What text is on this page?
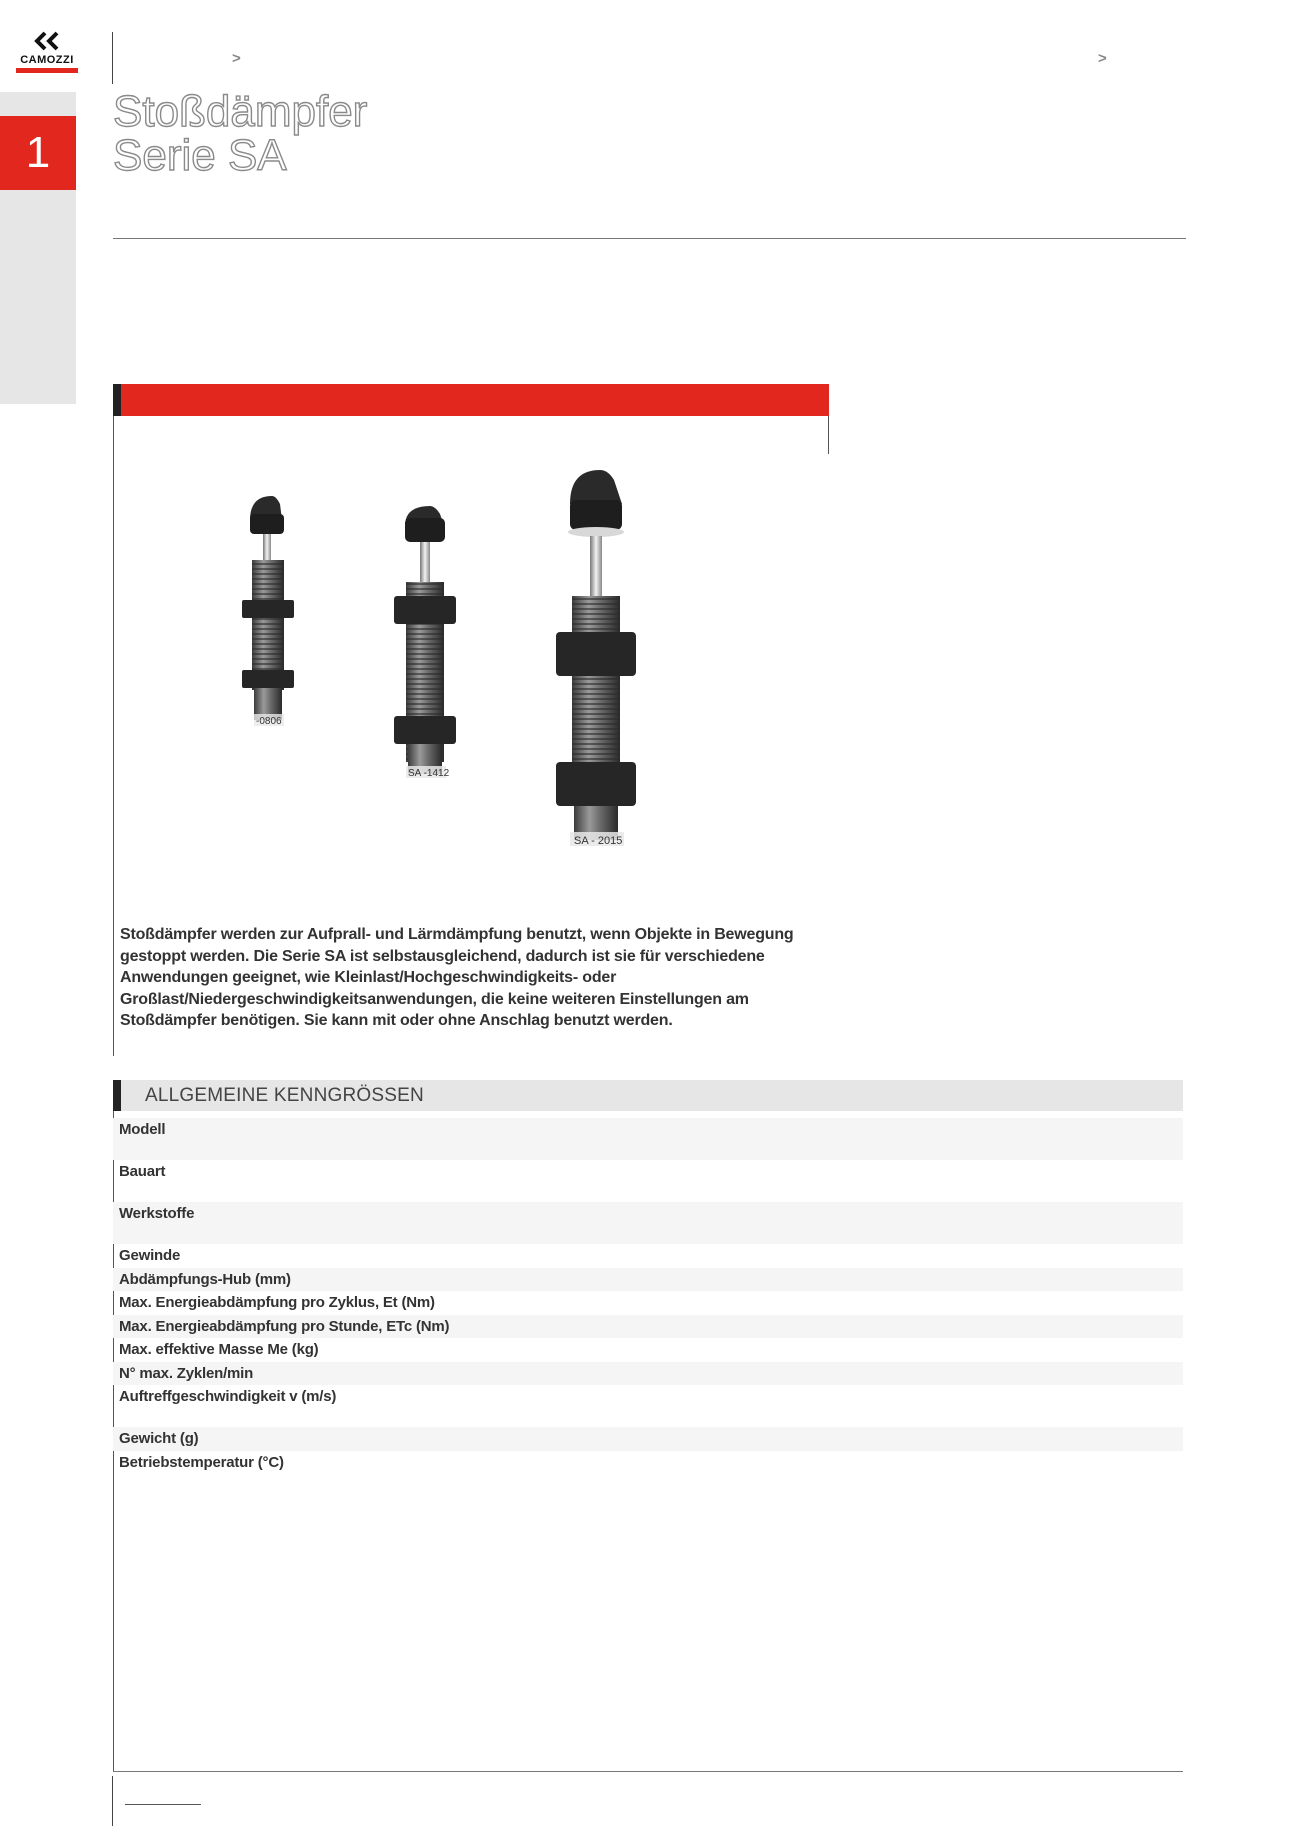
CAMOZZI	>	>
1
Stoßdämpfer
Serie SA
-0806
SA -1412
SA - 2015
Stoßdämpfer werden zur Aufprall- und Lärmdämpfung benutzt, wenn Objekte in Bewegung gestoppt werden. Die Serie SA ist selbstausgleichend, dadurch ist sie für verschiedene Anwendungen geeignet, wie Kleinlast/Hochgeschwindigkeits- oder Großlast/Niedergeschwindigkeitsanwendungen, die keine weiteren Einstellungen am Stoßdämpfer benötigen. Sie kann mit oder ohne Anschlag benutzt werden.
ALLGEMEINE KENNGRÖSSEN
Modell
Bauart
Werkstoffe
Gewinde
Abdämpfungs-Hub (mm)
Max. Energieabdämpfung pro Zyklus, Et (Nm)
Max. Energieabdämpfung pro Stunde, ETc (Nm)
Max. effektive Masse Me (kg)
N° max. Zyklen/min
Auftreffgeschwindigkeit v (m/s)
Gewicht (g)
Betriebstemperatur (°C)
